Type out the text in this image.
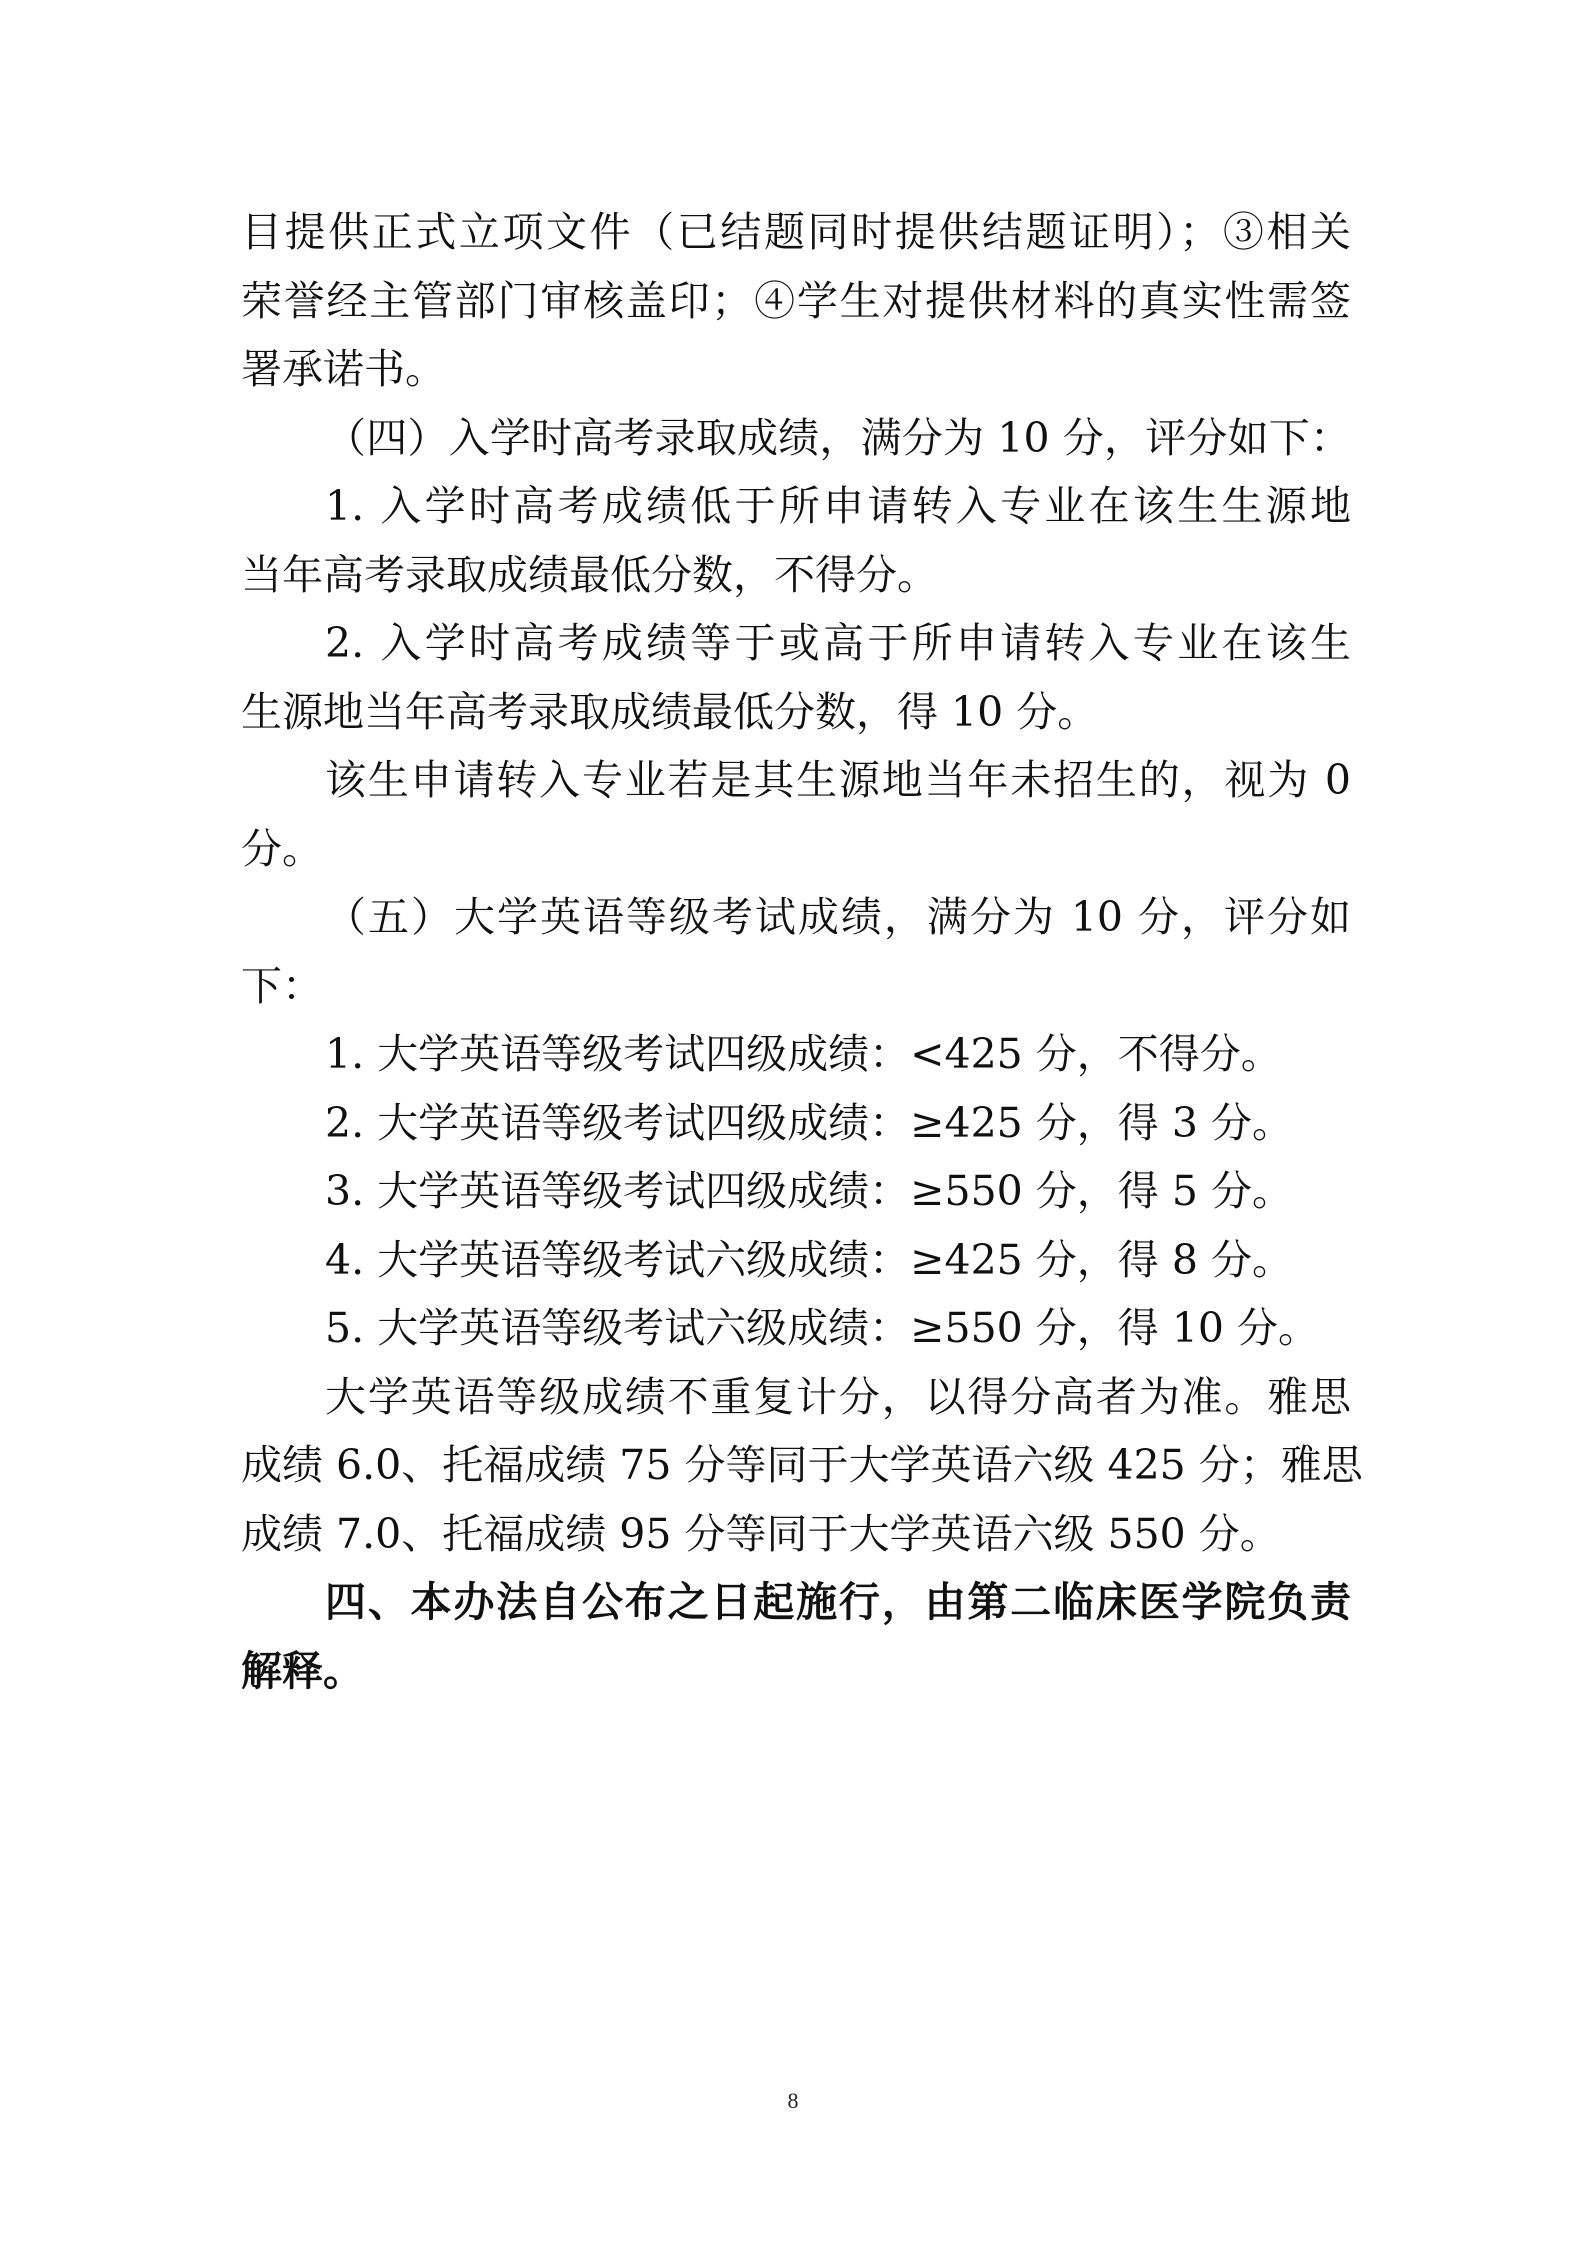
目提供正式立项文件（已结题同时提供结题证明）；③相关
荣誉经主管部门审核盖印；④学生对提供材料的真实性需签
署承诺书。
（四）入学时高考录取成绩，满分为 10 分，评分如下：
1. 入学时高考成绩低于所申请转入专业在该生生源地
当年高考录取成绩最低分数，不得分。
2. 入学时高考成绩等于或高于所申请转入专业在该生
生源地当年高考录取成绩最低分数，得 10 分。
该生申请转入专业若是其生源地当年未招生的，视为 0
分。
（五）大学英语等级考试成绩，满分为 10 分，评分如
下：
1. 大学英语等级考试四级成绩：<425 分，不得分。
2. 大学英语等级考试四级成绩：≥425 分，得 3 分。
3. 大学英语等级考试四级成绩：≥550 分，得 5 分。
4. 大学英语等级考试六级成绩：≥425 分，得 8 分。
5. 大学英语等级考试六级成绩：≥550 分，得 10 分。
大学英语等级成绩不重复计分，以得分高者为准。雅思
成绩 6.0、托福成绩 75 分等同于大学英语六级 425 分；雅思
成绩 7.0、托福成绩 95 分等同于大学英语六级 550 分。
四、本办法自公布之日起施行，由第二临床医学院负责
解释。
8
